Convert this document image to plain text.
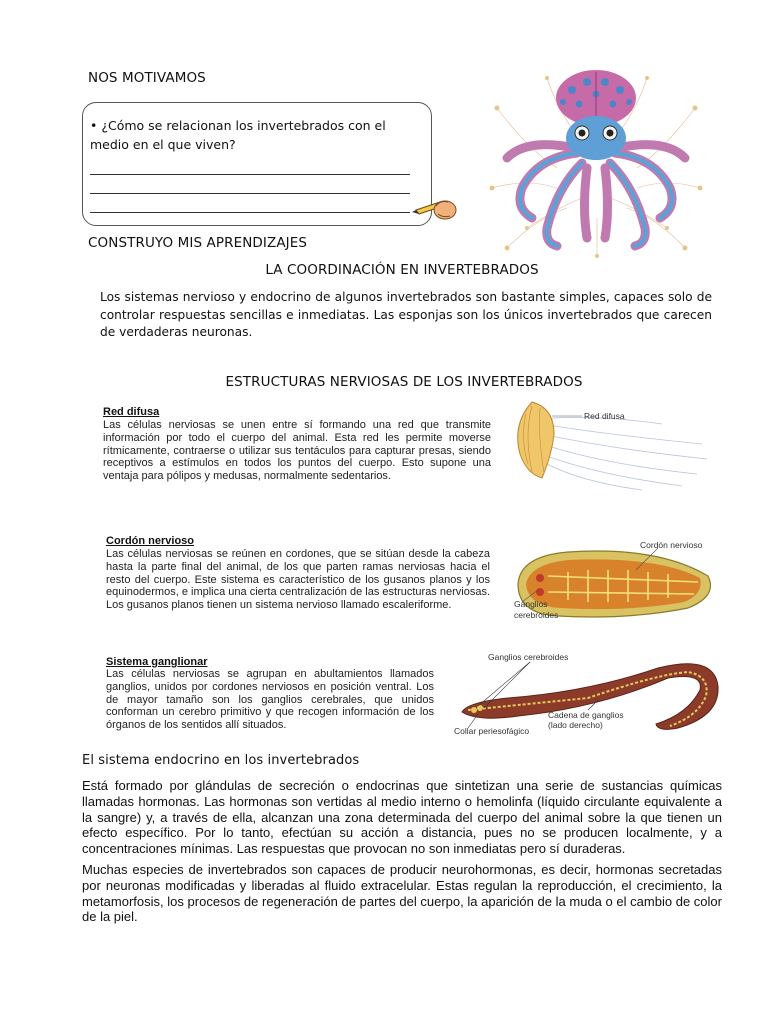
NOS MOTIVAMOS
• ¿Cómo se relacionan los invertebrados con el medio en el que viven?
CONSTRUYO MIS APRENDIZAJES
LA COORDINACIÓN EN INVERTEBRADOS
Los sistemas nervioso y endocrino de algunos invertebrados son bastante simples, capaces solo de controlar respuestas sencillas e inmediatas. Las esponjas son los únicos invertebrados que carecen de verdaderas neuronas.
ESTRUCTURAS NERVIOSAS DE LOS INVERTEBRADOS
Red difusa
Las células nerviosas se unen entre sí formando una red que transmite información por todo el cuerpo del animal. Esta red les permite moverse rítmicamente, contraerse o utilizar sus tentáculos para capturar presas, siendo receptivos a estímulos en todos los puntos del cuerpo. Esto supone una ventaja para pólipos y medusas, normalmente sedentarios.
Red difusa
Cordón nervioso
Las células nerviosas se reúnen en cordones, que se sitúan desde la cabeza hasta la parte final del animal, de los que parten ramas nerviosas hacia el resto del cuerpo. Este sistema es característico de los gusanos planos y los equinodermos, e implica una cierta centralización de las estructuras nerviosas. Los gusanos planos tienen un sistema nervioso llamado escaleriforme.
Cordón nervioso
Ganglios
cerebroides
Sistema ganglionar
Las células nerviosas se agrupan en abultamientos llamados ganglios, unidos por cordones nerviosos en posición ventral. Los de mayor tamaño son los ganglios cerebrales, que unidos conforman un cerebro primitivo y que recogen información de los órganos de los sentidos allí situados.
Ganglios cerebroides
Cadena de ganglios
(lado derecho)
Collar periesofágico
El sistema endocrino en los invertebrados
Está formado por glándulas de secreción o endocrinas que sintetizan una serie de sustancias químicas llamadas hormonas. Las hormonas son vertidas al medio interno o hemolinfa (líquido circulante equivalente a la sangre) y, a través de ella, alcanzan una zona determinada del cuerpo del animal sobre la que tienen un efecto específico. Por lo tanto, efectúan su acción a distancia, pues no se producen localmente, y a concentraciones mínimas. Las respuestas que provocan no son inmediatas pero sí duraderas.
Muchas especies de invertebrados son capaces de producir neurohormonas, es decir, hormonas secretadas por neuronas modificadas y liberadas al fluido extracelular. Estas regulan la reproducción, el crecimiento, la metamorfosis, los procesos de regeneración de partes del cuerpo, la aparición de la muda o el cambio de color de la piel.
